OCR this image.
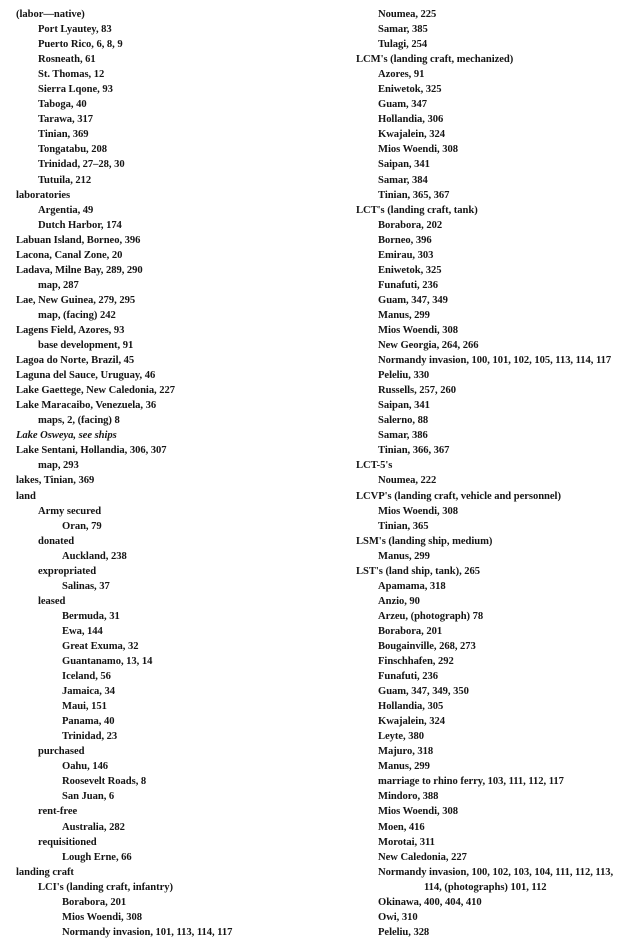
(labor—native)
Port Lyautey, 83
Puerto Rico, 6, 8, 9
Rosneath, 61
St. Thomas, 12
Sierra Lqone, 93
Taboga, 40
Tarawa, 317
Tinian, 369
Tongatabu, 208
Trinidad, 27–28, 30
Tutuila, 212
laboratories
Argentia, 49
Dutch Harbor, 174
Labuan Island, Borneo, 396
Lacona, Canal Zone, 20
Ladava, Milne Bay, 289, 290
map, 287
Lae, New Guinea, 279, 295
map, (facing) 242
Lagens Field, Azores, 93
base development, 91
Lagoa do Norte, Brazil, 45
Laguna del Sauce, Uruguay, 46
Lake Gaettege, New Caledonia, 227
Lake Maracaibo, Venezuela, 36
maps, 2, (facing) 8
Lake Osweya, see ships
Lake Sentani, Hollandia, 306, 307
map, 293
lakes, Tinian, 369
land
Army secured
Oran, 79
donated
Auckland, 238
expropriated
Salinas, 37
leased
Bermuda, 31
Ewa, 144
Great Exuma, 32
Guantanamo, 13, 14
Iceland, 56
Jamaica, 34
Maui, 151
Panama, 40
Trinidad, 23
purchased
Oahu, 146
Roosevelt Roads, 8
San Juan, 6
rent-free
Australia, 282
requisitioned
Lough Erne, 66
landing craft
LCI's (landing craft, infantry)
Borabora, 201
Mios Woendi, 308
Normandy invasion, 101, 113, 114, 117
Noumea, 225
Samar, 385
Tulagi, 254
LCM's (landing craft, mechanized)
Azores, 91
Eniwetok, 325
Guam, 347
Hollandia, 306
Kwajalein, 324
Mios Woendi, 308
Saipan, 341
Samar, 384
Tinian, 365, 367
LCT's (landing craft, tank)
Borabora, 202
Borneo, 396
Emirau, 303
Eniwetok, 325
Funafuti, 236
Guam, 347, 349
Manus, 299
Mios Woendi, 308
New Georgia, 264, 266
Normandy invasion, 100, 101, 102, 105, 113, 114, 117
Peleliu, 330
Russells, 257, 260
Saipan, 341
Salerno, 88
Samar, 386
Tinian, 366, 367
LCT-5's
Noumea, 222
LCVP's (landing craft, vehicle and personnel)
Mios Woendi, 308
Tinian, 365
LSM's (landing ship, medium)
Manus, 299
LST's (land ship, tank), 265
Apamama, 318
Anzio, 90
Arzeu, (photograph) 78
Borabora, 201
Bougainville, 268, 273
Finschhafen, 292
Funafuti, 236
Guam, 347, 349, 350
Hollandia, 305
Kwajalein, 324
Leyte, 380
Majuro, 318
Manus, 299
marriage to rhino ferry, 103, 111, 112, 117
Mindoro, 388
Mios Woendi, 308
Moen, 416
Morotai, 311
New Caledonia, 227
Normandy invasion, 100, 102, 103, 104, 111, 112, 113,
114, (photographs) 101, 112
Okinawa, 400, 404, 410
Owi, 310
Peleliu, 328
